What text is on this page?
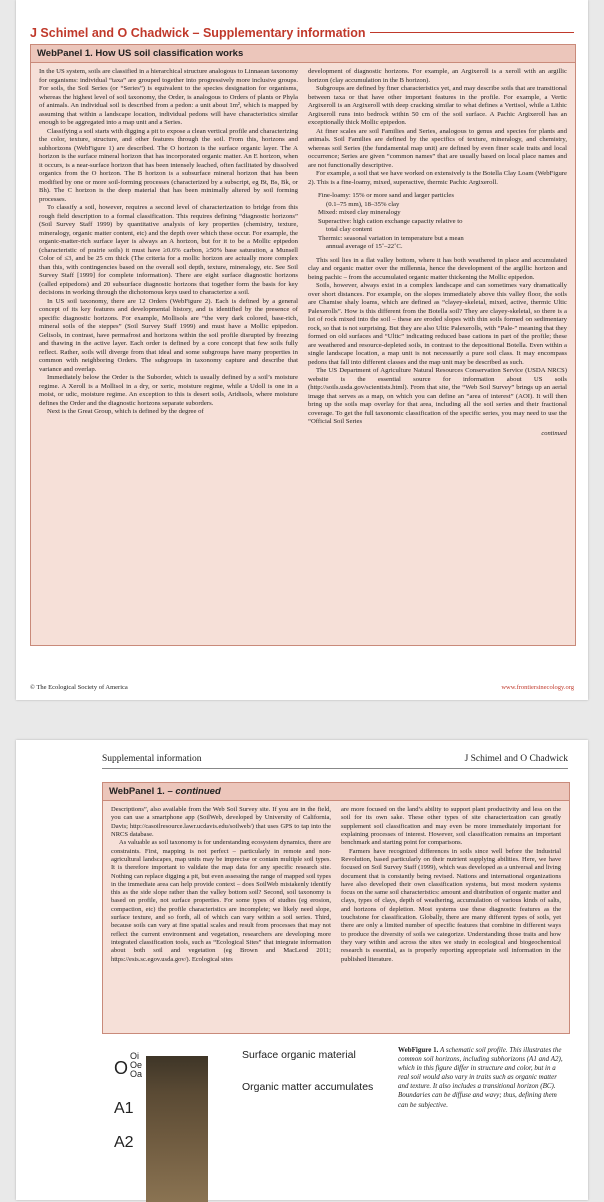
J Schimel and O Chadwick – Supplementary information
WebPanel 1. How US soil classification works

In the US system, soils are classified in a hierarchical structure analogous to Linnaean taxonomy for organisms: individual “taxa” are grouped together into progressively more inclusive groups. For soils, the Soil Series (or “Series”) is equivalent to the species designation for organisms, whereas the highest level of soil taxonomy, the Order, is analogous to Orders of plants or Phyla of animals. An individual soil is described from a pedon: a unit about 1m², which is mapped by assuming that within a landscape location, individual pedons will have characteristics similar enough to be aggregated into a map unit and a Series.

Classifying a soil starts with digging a pit to expose a clean vertical profile and characterizing the color, texture, structure, and other features through the soil. From this, horizons and subhorizons (WebFigure 1) are described. The O horizon is the surface organic layer. The A horizon is the surface mineral horizon that has incorporated organic matter. An E horizon, when it occurs, is a near-surface horizon that has been intensely leached, often facilitated by dissolved organics from the O horizon. The B horizon is a subsurface mineral horizon that has been modified by one or more soil-forming processes (characterized by a subscript, eg Bt, Bs, Bk, or Bh). The C horizon is the deep material that has been minimally altered by soil forming processes.

To classify a soil, however, requires a second level of characterization to bridge from this rough field description to a formal classification. This requires defining “diagnostic horizons” (Soil Survey Staff 1999) by quantitative analysis of key properties (chemistry, texture, mineralogy, organic matter content, etc) and the depth over which these occur. For example, the organic-matter-rich surface layer is always an A horizon, but for it to be a Mollic epipedon (characteristic of prairie soils) it must have ≥0.6% carbon, ≥50% base saturation, a Munsell Color of ≤3, and be 25 cm thick (The criteria for a mollic horizon are actually more complex than this, with contingencies based on the overall soil depth, texture, mineralogy, etc. See Soil Survey Staff [1999] for complete information). There are eight surface diagnostic horizons (called epipedons) and 20 subsurface diagnostic horizons that together form the basis for key decisions in working through the dichotomous keys used to characterize a soil.

In US soil taxonomy, there are 12 Orders (WebFigure 2). Each is defined by a general concept of its key features and developmental history, and is identified by the presence of specific diagnostic horizons. For example, Mollisols are “the very dark colored, base-rich, mineral soils of the steppes” (Soil Survey Staff 1999) and must have a Mollic epipedon. Gelisols, in contrast, have permafrost and horizons within the soil profile disrupted by freezing and thawing in the active layer. Each order is defined by a core concept that few soils fully reflect. Rather, soils will diverge from that ideal and some subgroups have many properties in common with neighboring Orders. The subgroups in taxonomy capture and describe that variance and overlap.

Immediately below the Order is the Suborder, which is usually defined by a soil’s moisture regime. A Xeroll is a Mollisol in a dry, or xeric, moisture regime, while a Udoll is one in a moist, or udic, moisture regime. An exception to this is desert soils, Aridisols, where moisture defines the Order and the diagnostic horizons separate suborders.

Next is the Great Group, which is defined by the degree of

development of diagnostic horizons. For example, an Argixeroll is a xeroll with an argillic horizon (clay accumulation in the B horizon).

Subgroups are defined by finer characteristics yet, and may describe soils that are transitional between taxa or that have other important features in the profile. For example, a Vertic Argixeroll is an Argixeroll with deep cracking similar to what defines a Vertisol, while a Lithic Argixeroll runs into bedrock within 50 cm of the soil surface. A Pachic Argixeroll has an exceptionally thick Mollic epipedon.

At finer scales are soil Families and Series, analogous to genus and species for plants and animals. Soil Families are defined by the specifics of texture, mineralogy, and chemistry, whereas soil Series (the fundamental map unit) are defined by even finer scale traits and local occurrence; Series are given “common names” that are usually based on local place names and are not functionally descriptive.

For example, a soil that we have worked on extensively is the Botella Clay Loam (WebFigure 2). This is a fine-loamy, mixed, superactive, thermic Pachic Argixeroll.

Fine-loamy: 15% or more sand and larger particles
(0.1–75 mm), 18–35% clay
Mixed: mixed clay mineralogy
Superactive: high cation exchange capacity relative to
total clay content
Thermic: seasonal variation in temperature but a mean
annual average of 15˚–22˚C.

This soil lies in a flat valley bottom, where it has both weathered in place and accumulated clay and organic matter over the millennia, hence the development of the argillic horizon and being pachic – from the accumulated organic matter thickening the Mollic epipedon.

Soils, however, always exist in a complex landscape and can sometimes vary dramatically over short distances. For example, on the slopes immediately above this valley floor, the soils are Chamise shaly loams, which are defined as “clayey-skeletal, mixed, active, thermic Ultic Palexerolls”. How is this different from the Botella soil? They are clayey-skeletal, so there is a lot of rock mixed into the soil – these are eroded slopes with thin soils formed on sedimentary rock, so that is not surprising. But they are also Ultic Palexerolls, with “Pale-” meaning that they formed on old surfaces and “Ultic” indicating reduced base cations in part of the profile; these are weathered and resource-depleted soils, in contrast to the depositional Botella. Even within a single landscape location, a map unit is not necessarily a pure soil class. It may encompass pedons that fall into different classes and the map unit may be described as such.

The US Department of Agriculture Natural Resources Conservation Service (USDA NRCS) website is the essential source for information about US soils (http://soils.usda.gov/scientists.html). From that site, the “Web Soil Survey” brings up an aerial image that serves as a map, on which you can define an “area of interest” (AOI). It will then bring up the soils map overlay for that area, including all the soil series and their fractional coverage. To get the full taxonomic classification of the specific series, you may need to use the “Official Soil Series

continued
© The Ecological Society of America	www.frontiersinecology.org
Supplemental information	J Schimel and O Chadwick
WebPanel 1. – continued

Descriptions”, also available from the Web Soil Survey site. If you are in the field, you can use a smartphone app (SoilWeb, developed by University of California, Davis; http://casoilresource.lawr.ucdavis.edu/soilweb/) that uses GPS to tap into the NRCS database.

As valuable as soil taxonomy is for understanding ecosystem dynamics, there are constraints. First, mapping is not perfect – particularly in remote and non-agricultural landscapes, map units may be imprecise or contain multiple soil types. It is therefore important to validate the map data for any specific research site. Nothing can replace digging a pit, but even assessing the range of mapped soil types in the immediate area can help provide context – does SoilWeb mistakenly identify this as the side slope rather than the valley bottom soil? Second, soil taxonomy is based on profile, not surface properties. For some types of studies (eg erosion, compaction, etc) the profile characteristics are incomplete; we likely need slope, surface texture, and so forth, all of which can vary within a soil series. Third, because soils can vary at fine spatial scales and result from processes that may not reflect the current environment and vegetation, researchers are developing more integrated classification tools, such as “Ecological Sites” that integrate information about both soil and vegetation (eg Brown and MacLeod 2011; https://esis.sc.egov.usda.gov/). Ecological sites

are more focused on the land’s ability to support plant productivity and less on the soil for its own sake. These other types of site characterization can greatly supplement soil classification and may even be more immediately important for explaining processes of interest. However, soil classification remains an important benchmark and starting point for comparisons.

Farmers have recognized differences in soils since well before the Industrial Revolution, based particularly on their nutrient supplying abilities. Here, we have focused on Soil Survey Staff (1999), which was developed as a universal and living document that is constantly being revised. Nations and international organizations have also developed their own classification systems, but most modern systems focus on the same soil characteristics: amount and distribution of organic matter and clays, types of clays, depth of weathering, accumulation of various kinds of salts, and horizons of depletion. Most systems use these diagnostic features as the touchstone for classification. Globally, there are many different types of soils, yet there are only a limited number of specific features that combine in different ways to produce the diversity of soils we categorize. Understanding those traits and how they vary within and across the sites we study in ecological and biogeochemical research is essential, as is properly reporting appropriate soil information in the published literature.

O
Oi
Oe
Oa
A1
A2
Surface organic material
Organic matter accumulates
WebFigure 1. A schematic soil profile. This illustrates the common soil horizons, including subhorizons (A1 and A2), which in this figure differ in structure and color, but in a real soil would also vary in traits such as organic matter and texture. It also includes a transitional horizon (BC). Boundaries can be diffuse and wavy; thus, defining them can be subjective.
